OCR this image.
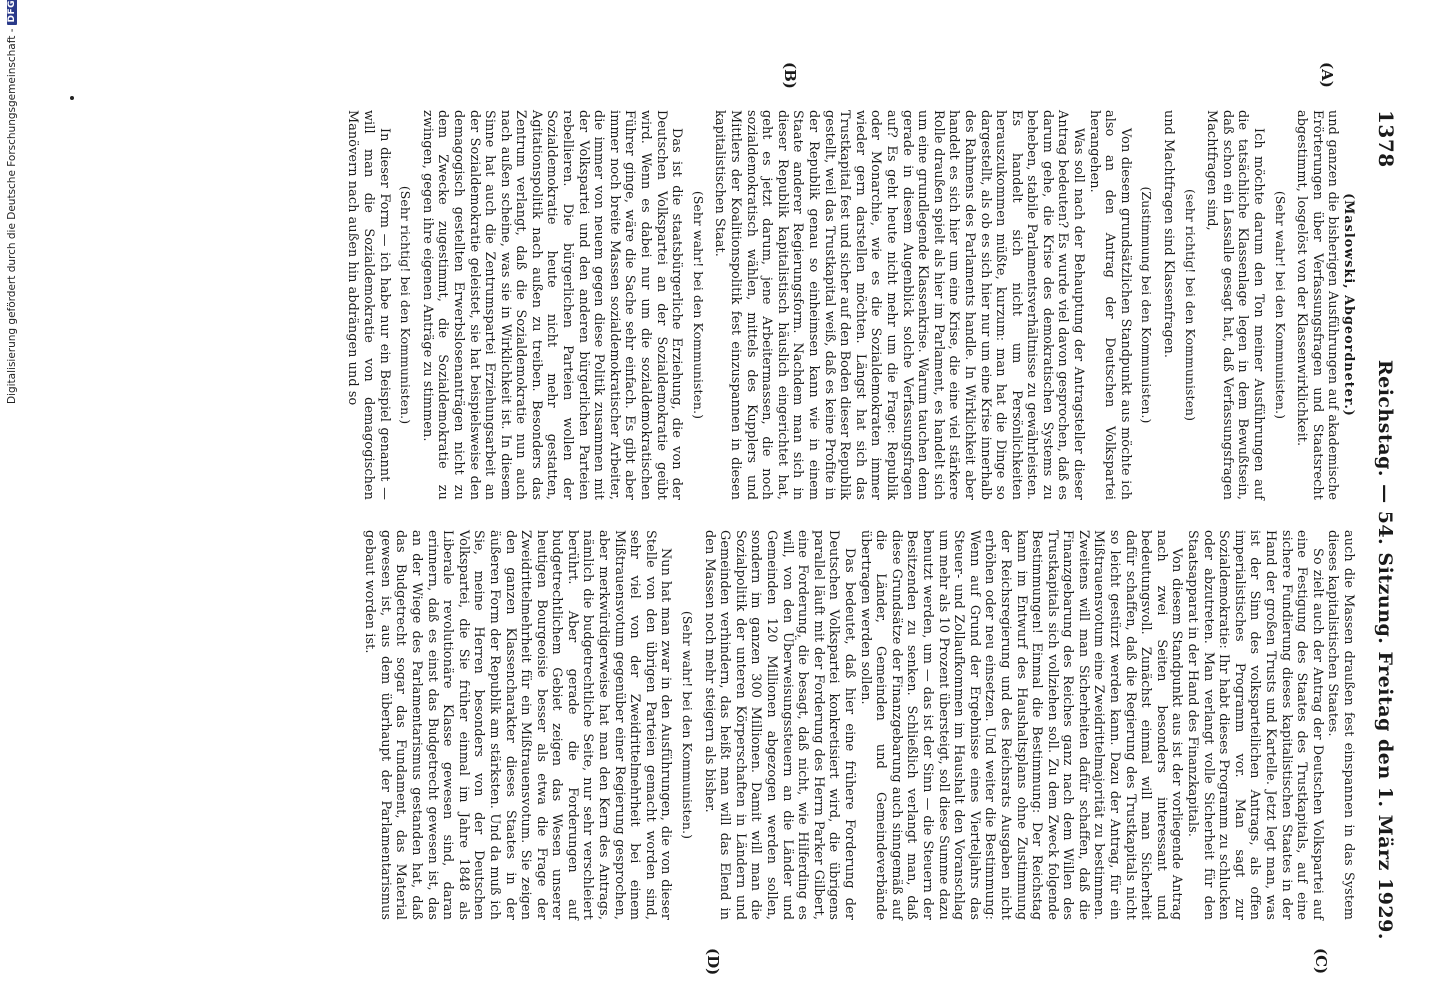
1378
Reichstag. — 54. Sitzung. Freitag den 1. März 1929.
(A)
(B)
(C)
(D)

(Maslowski, Abgeordneter.)

und ganzen die bisherigen Ausführungen auf akademische Erörterungen über Verfassungsfragen und Staatsrecht abgestimmt, losgelöst von der Klassenwirklichkeit.

(Sehr wahr! bei den Kommunisten.)

Ich möchte darum den Ton meiner Ausführungen auf die tatsächliche Klassenlage legen in dem Bewußtsein, daß schon ein Lassalle gesagt hat, daß Verfassungsfragen Machtfragen sind,

(sehr richtig! bei den Kommunisten)

und Machtfragen sind Klassenfragen.

(Zustimmung bei den Kommunisten.)

Von diesem grundsätzlichen Standpunkt aus möchte ich also an den Antrag der Deutschen Volkspartei herangehen.

Was soll nach der Behauptung der Antragsteller dieser Antrag bedeuten? Es wurde viel davon gesprochen, daß es darum gehe, die Krise des demokratischen Systems zu beheben, stabile Parlamentsverhältnisse zu gewährleisten. Es handelt sich nicht um Persönlichkeiten herauszukommen müßte, kurzum: man hat die Dinge so dargestellt, als ob es sich hier nur um eine Krise innerhalb des Rahmens des Parlaments handle. In Wirklichkeit aber handelt es sich hier um eine Krise, die eine viel stärkere Rolle draußen spielt als hier im Parlament, es handelt sich um eine grundlegende Klassenkrise. Warum tauchen denn gerade in diesem Augenblick solche Verfassungsfragen auf? Es geht heute nicht mehr um die Frage: Republik oder Monarchie, wie es die Sozialdemokraten immer wieder gern darstellen möchten. Längst hat sich das Trustkapital fest und sicher auf den Boden dieser Republik gestellt, weil das Trustkapital weiß, daß es keine Profite in der Republik genau so einheimsen kann wie in einem Staate anderer Regierungsform. Nachdem man sich in dieser Republik kapitalistisch häuslich eingerichtet hat, geht es jetzt darum, jene Arbeitermassen, die noch sozialdemokratisch wählen, mittels des Kupplers und Mittlers der Koalitionspolitik fest einzuspannen in diesen kapitalistischen Staat.

(Sehr wahr! bei den Kommunisten.)

Das ist die staatsbürgerliche Erziehung, die von der Deutschen Volkspartei an der Sozialdemokratie geübt wird. Wenn es dabei nur um die sozialdemokratischen Führer ginge, wäre die Sache sehr einfach. Es gibt aber immer noch breite Massen sozialdemokratischer Arbeiter, die immer von neuem gegen diese Politik zusammen mit der Volkspartei und den anderen bürgerlichen Parteien rebellieren. Die bürgerlichen Parteien wollen der Sozialdemokratie heute nicht mehr gestatten, Agitationspolitik nach außen zu treiben. Besonders das Zentrum verlangt, daß die Sozialdemokratie nun auch nach außen scheine, was sie in Wirklichkeit ist. In diesem Sinne hat auch die Zentrumspartei Erziehungsarbeit an der Sozialdemokratie geleistet, sie hat beispielsweise den demagogisch gestellten Erwerbslosenanträgen nicht zu dem Zwecke zugestimmt, die Sozialdemokratie zu zwingen, gegen ihre eigenen Anträge zu stimmen.

(Sehr richtig! bei den Kommunisten.)

In dieser Form — ich habe nur ein Beispiel genannt — will man die Sozialdemokratie von demagogischen Manövern nach außen hin abdrängen und so

auch die Massen draußen fest einspannen in das System dieses kapitalistischen Staates.

So zielt auch der Antrag der Deutschen Volkspartei auf eine Festigung des Staates des Trustkapitals, auf eine sichere Fundierung dieses kapitalistischen Staates in der Hand der großen Trusts und Kartelle. Jetzt legt man, was ist der Sinn des volksparteilichen Antrags, als offen imperialistisches Programm vor. Man sagt zur Sozialdemokratie: Ihr habt dieses Programm zu schlucken oder abzutreten. Man verlangt volle Sicherheit für den Staatsapparat in der Hand des Finanzkapitals.

Von diesem Standpunkt aus ist der vorliegende Antrag nach zwei Seiten besonders interessant und bedeutungsvoll. Zunächst einmal will man Sicherheit dafür schaffen, daß die Regierung des Trustkapitals nicht so leicht gestürzt werden kann. Dazu der Antrag, für ein Mißtrauensvotum eine Zweidrittelmajorität zu bestimmen. Zweitens will man Sicherheiten dafür schaffen, daß die Finanzgebarung des Reiches ganz nach dem Willen des Trustkapitals sich vollziehen soll. Zu dem Zweck folgende Bestimmungen! Einmal die Bestimmung: Der Reichstag kann im Entwurf des Haushaltsplans ohne Zustimmung der Reichsregierung und des Reichsrats Ausgaben nicht erhöhen oder neu einsetzen. Und weiter die Bestimmung: Wenn auf Grund der Ergebnisse eines Vierteljahrs das Steuer- und Zollaufkommen im Haushalt den Voranschlag um mehr als 10 Prozent übersteigt, soll diese Summe dazu benutzt werden, um — das ist der Sinn — die Steuern der Besitzenden zu senken. Schließlich verlangt man, daß diese Grundsätze der Finanzgebarung auch sinngemäß auf die Länder, Gemeinden und Gemeindeverbände übertragen werden sollen.

Das bedeutet, daß hier eine frühere Forderung der Deutschen Volkspartei konkretisiert wird, die übrigens parallel läuft mit der Forderung des Herrn Parker Gilbert, eine Forderung, die besagt, daß nicht, wie Hilferding es will, von den Überweisungssteuern an die Länder und Gemeinden 120 Millionen abgezogen werden sollen, sondern im ganzen 300 Millionen. Damit will man die Sozialpolitik der unteren Körperschaften in Ländern und Gemeinden verhindern, das heißt man will das Elend in den Massen noch mehr steigern als bisher.

(Sehr wahr! bei den Kommunisten.)

Nun hat man zwar in den Ausführungen, die von dieser Stelle von den übrigen Parteien gemacht worden sind, sehr viel von der Zweidrittelmehrheit bei einem Mißtrauensvotum gegenüber einer Regierung gesprochen, aber merkwürdigerweise hat man den Kern des Antrags, nämlich die budgetrechtliche Seite, nur sehr verschleiert berührt. Aber gerade die Forderungen auf budgetrechtlichem Gebiet zeigen das Wesen unserer heutigen Bourgeoisie besser als etwa die Frage der Zweidrittelmehrheit für ein Mißtrauensvotum. Sie zeigen den ganzen Klassencharakter dieses Staates in der äußeren Form der Republik am stärksten. Und da muß ich Sie, meine Herren besonders von der Deutschen Volkspartei, die Sie früher einmal im Jahre 1848 als Liberale revolutionäre Klasse gewesen sind, daran erinnern, daß es einst das Budgetrecht gewesen ist, das an der Wiege des Parlamentarismus gestanden hat, daß das Budgetrecht sogar das Fundament, das Material gewesen ist, aus dem überhaupt der Parlamentarismus gebaut worden ist.

Digitalisierung gefördert durch die Deutsche Forschungsgemeinschaft -
DFG
